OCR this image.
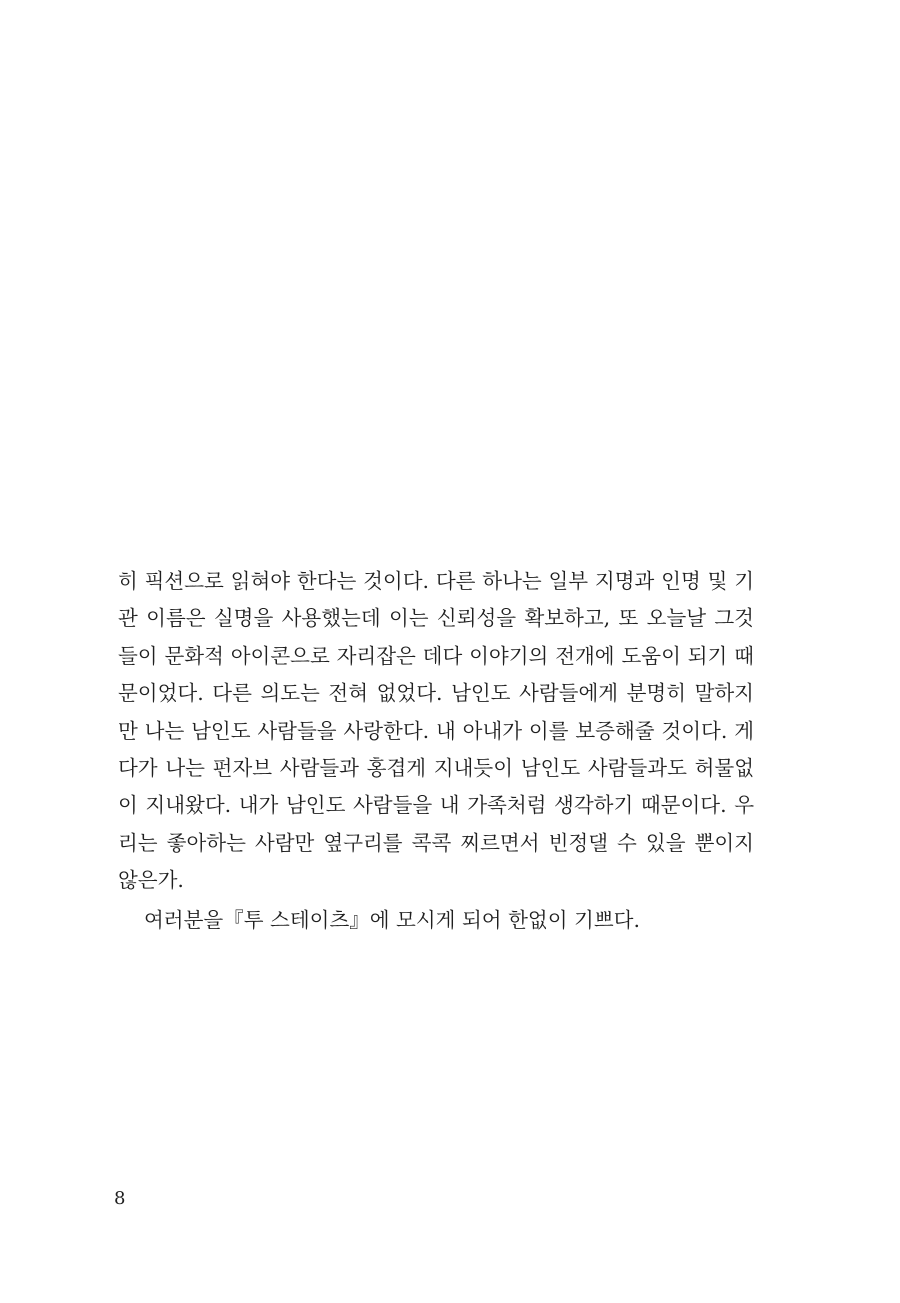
히 픽션으로 읽혀야 한다는 것이다. 다른 하나는 일부 지명과 인명 및 기
관 이름은 실명을 사용했는데 이는 신뢰성을 확보하고, 또 오늘날 그것
들이 문화적 아이콘으로 자리잡은 데다 이야기의 전개에 도움이 되기 때
문이었다. 다른 의도는 전혀 없었다. 남인도 사람들에게 분명히 말하지
만 나는 남인도 사람들을 사랑한다. 내 아내가 이를 보증해줄 것이다. 게
다가 나는 펀자브 사람들과 홍겹게 지내듯이 남인도 사람들과도 허물없
이 지내왔다. 내가 남인도 사람들을 내 가족처럼 생각하기 때문이다. 우
리는 좋아하는 사람만 옆구리를 콕콕 찌르면서 빈정댈 수 있을 뿐이지
않은가.
여러분을『투 스테이츠』에 모시게 되어 한없이 기쁘다.
8
